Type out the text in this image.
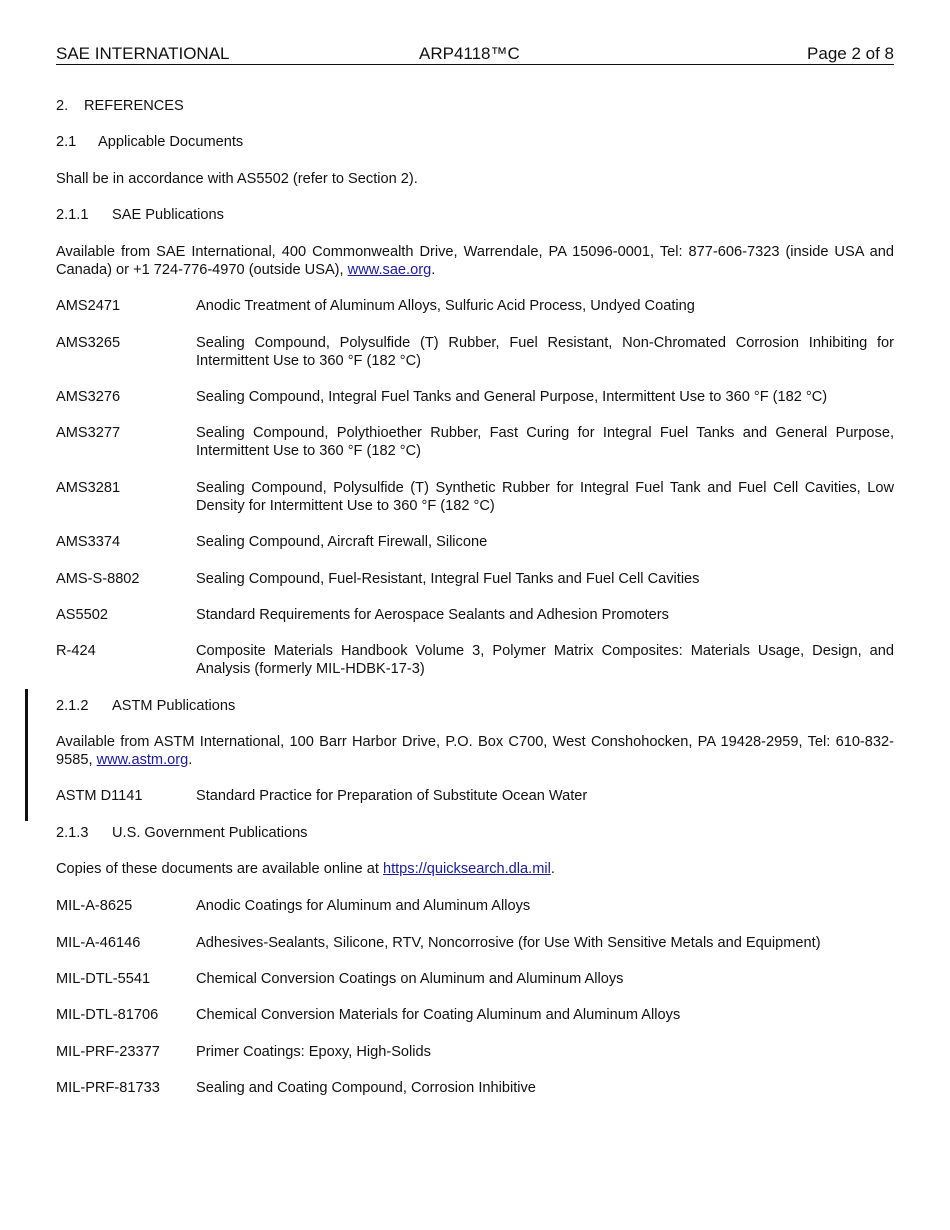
SAE INTERNATIONAL	ARP4118™C	Page 2 of 8
2. REFERENCES
2.1 Applicable Documents
Shall be in accordance with AS5502 (refer to Section 2).
2.1.1 SAE Publications
Available from SAE International, 400 Commonwealth Drive, Warrendale, PA 15096-0001, Tel: 877-606-7323 (inside USA and Canada) or +1 724-776-4970 (outside USA), www.sae.org.
AMS2471	Anodic Treatment of Aluminum Alloys, Sulfuric Acid Process, Undyed Coating
AMS3265	Sealing Compound, Polysulfide (T) Rubber, Fuel Resistant, Non-Chromated Corrosion Inhibiting for Intermittent Use to 360 °F (182 °C)
AMS3276	Sealing Compound, Integral Fuel Tanks and General Purpose, Intermittent Use to 360 °F (182 °C)
AMS3277	Sealing Compound, Polythioether Rubber, Fast Curing for Integral Fuel Tanks and General Purpose, Intermittent Use to 360 °F (182 °C)
AMS3281	Sealing Compound, Polysulfide (T) Synthetic Rubber for Integral Fuel Tank and Fuel Cell Cavities, Low Density for Intermittent Use to 360 °F (182 °C)
AMS3374	Sealing Compound, Aircraft Firewall, Silicone
AMS-S-8802	Sealing Compound, Fuel-Resistant, Integral Fuel Tanks and Fuel Cell Cavities
AS5502	Standard Requirements for Aerospace Sealants and Adhesion Promoters
R-424	Composite Materials Handbook Volume 3, Polymer Matrix Composites: Materials Usage, Design, and Analysis (formerly MIL-HDBK-17-3)
2.1.2 ASTM Publications
Available from ASTM International, 100 Barr Harbor Drive, P.O. Box C700, West Conshohocken, PA 19428-2959, Tel: 610-832-9585, www.astm.org.
ASTM D1141	Standard Practice for Preparation of Substitute Ocean Water
2.1.3 U.S. Government Publications
Copies of these documents are available online at https://quicksearch.dla.mil.
MIL-A-8625	Anodic Coatings for Aluminum and Aluminum Alloys
MIL-A-46146	Adhesives-Sealants, Silicone, RTV, Noncorrosive (for Use With Sensitive Metals and Equipment)
MIL-DTL-5541	Chemical Conversion Coatings on Aluminum and Aluminum Alloys
MIL-DTL-81706	Chemical Conversion Materials for Coating Aluminum and Aluminum Alloys
MIL-PRF-23377 Primer Coatings: Epoxy, High-Solids
MIL-PRF-81733 Sealing and Coating Compound, Corrosion Inhibitive
